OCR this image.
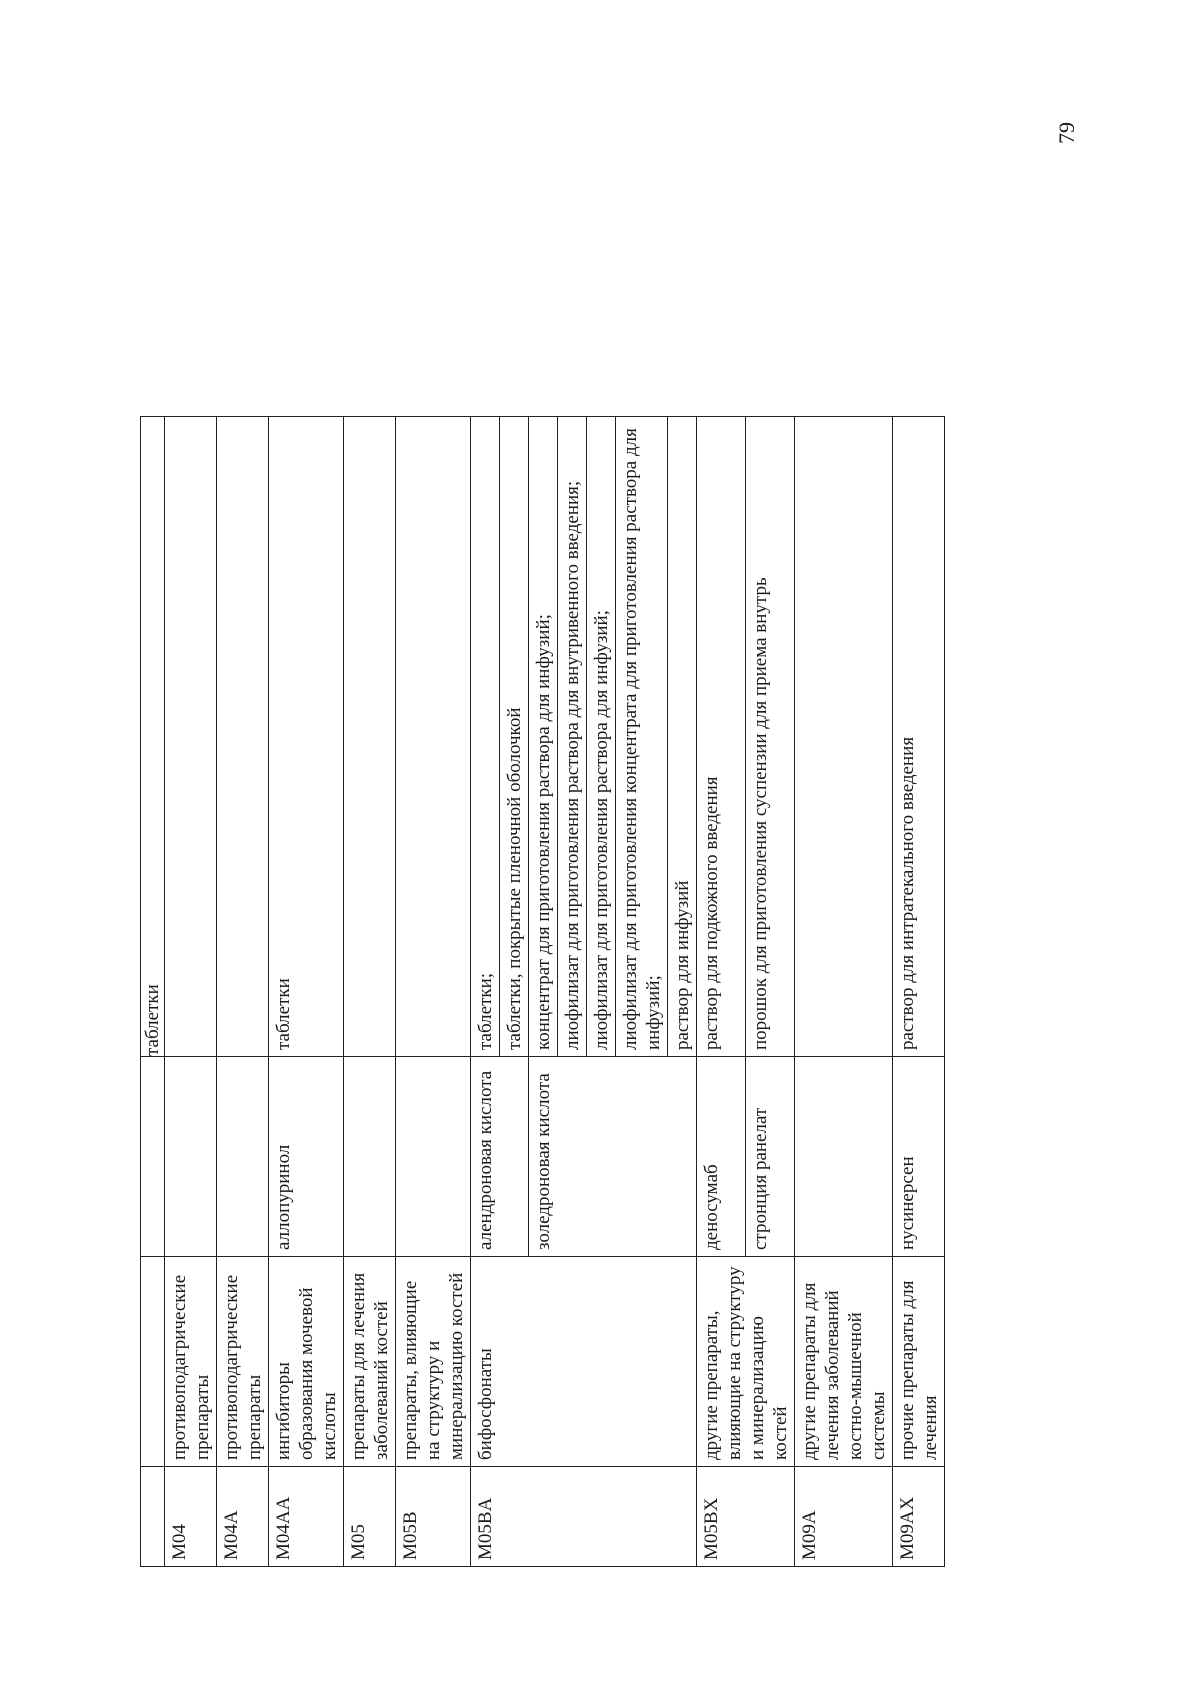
79
			таблетки
M04	противоподагрические препараты		
M04A	противоподагрические препараты		
M04AA	ингибиторы образования мочевой кислоты	аллопуринол	таблетки
M05	препараты для лечения заболеваний костей		
M05B	препараты, влияющие на структуру и минерализацию костей		
M05BA	бифосфонаты	алендроновая кислота	таблетки;
			таблетки, покрытые пленочной оболочкой
		золедроновая кислота	концентрат для приготовления раствора для инфузий;
			лиофилизат для приготовления раствора для внутривенного введения;
			лиофилизат для приготовления раствора для инфузий;
			лиофилизат для приготовления концентрата для приготовления раствора для инфузий;
			раствор для инфузий
M05BX	другие препараты, влияющие на структуру и минерализацию костей	деносумаб	раствор для подкожного введения
		стронция ранелат	порошок для приготовления суспензии для приема внутрь
M09A	другие препараты для лечения заболеваний костно-мышечной системы		
M09AX	прочие препараты для лечения	нусинерсен	раствор для интратекального введения
